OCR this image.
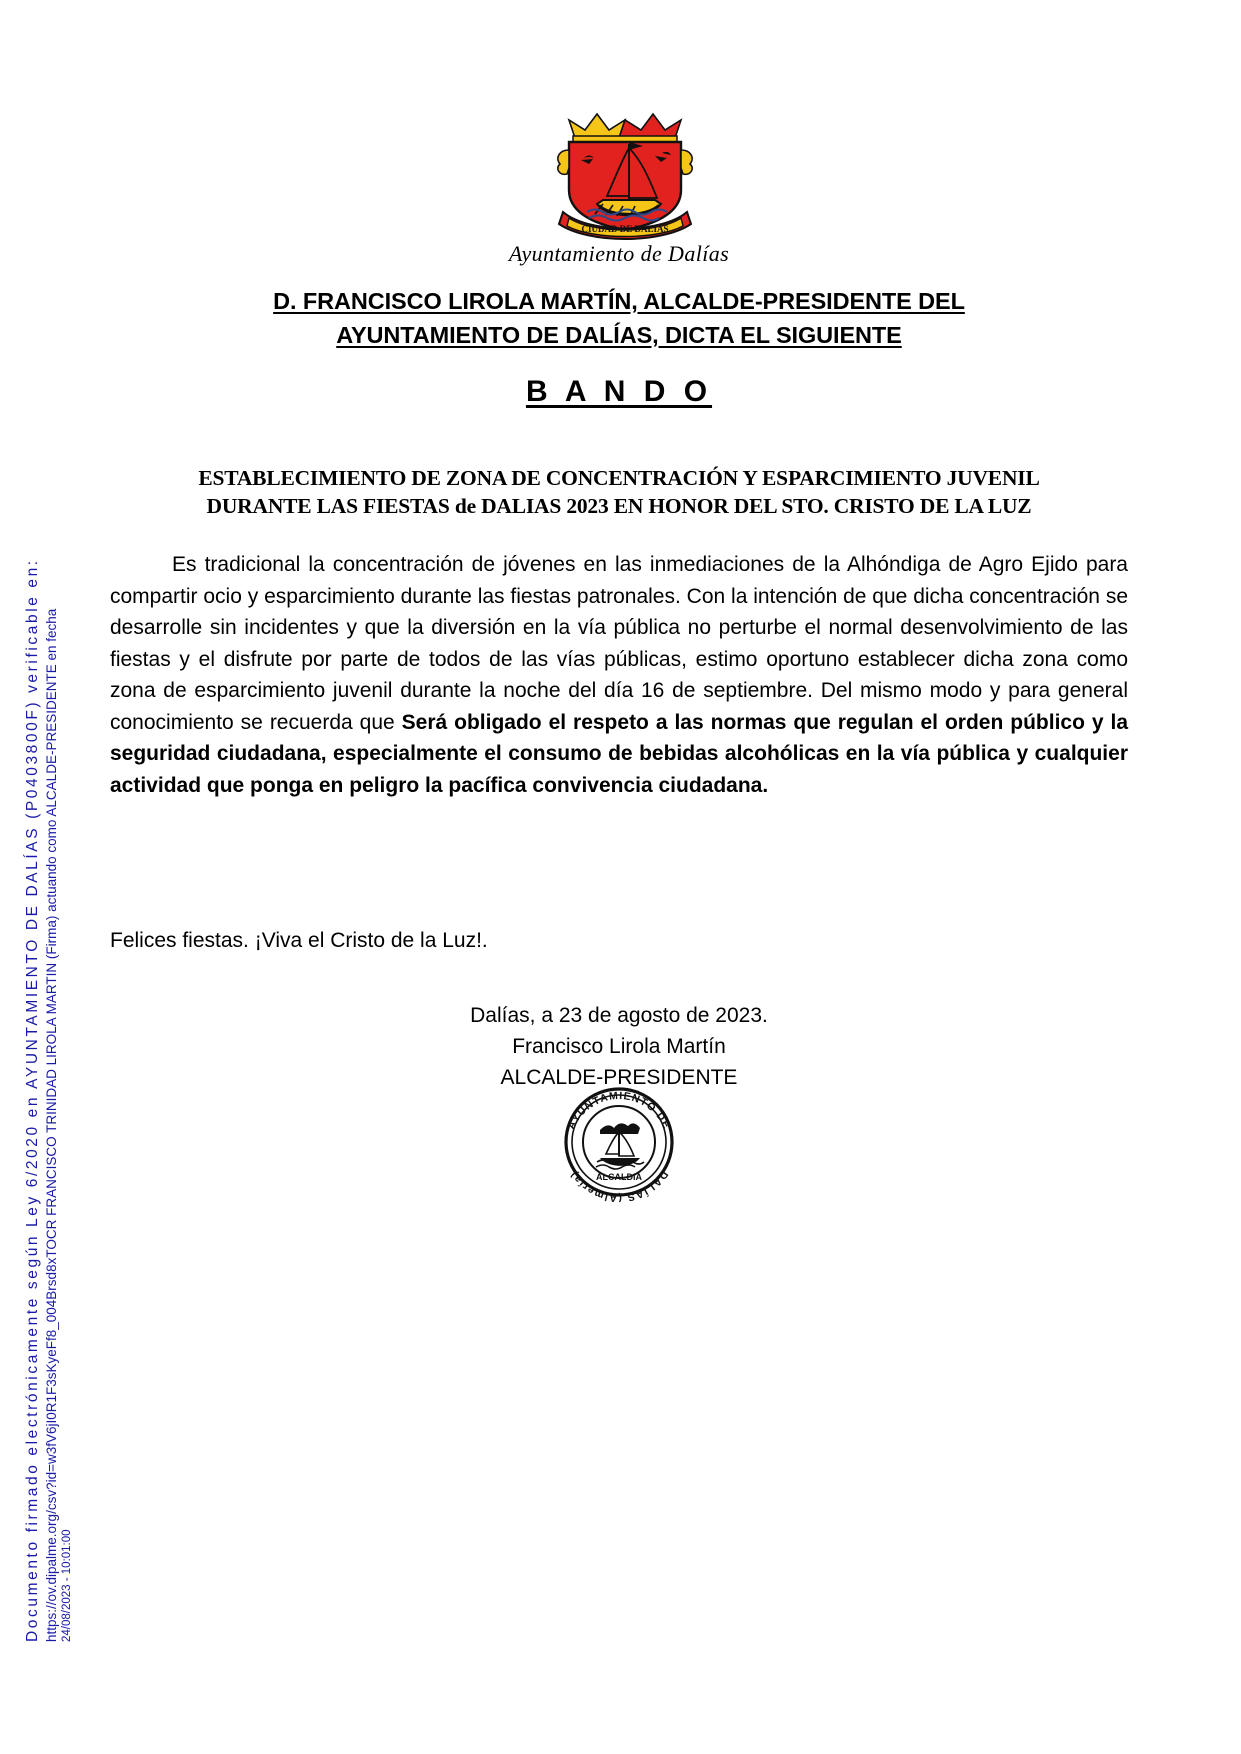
Documento firmado electrónicamente según Ley 6/2020 en AYUNTAMIENTO DE DALÍAS (P0403800F) verificable en: https://ov.dipalme.org/csv?id=w3fV6jI0R1F3sKyeFf8_004Brsd8xTOCR FRANCISCO TRINIDAD LIROLA MARTIN (Firma) actuando como ALCALDE-PRESIDENTE en fecha 24/08/2023 - 10:01:00
CIUDAD DE DALIAS
Ayuntamiento de Dalías
D. FRANCISCO LIROLA MARTÍN, ALCALDE-PRESIDENTE DEL
AYUNTAMIENTO DE DALÍAS, DICTA EL SIGUIENTE
B A N D O
ESTABLECIMIENTO DE ZONA DE CONCENTRACIÓN Y ESPARCIMIENTO JUVENIL
DURANTE LAS FIESTAS de DALIAS 2023 EN HONOR DEL STO. CRISTO DE LA LUZ

Es tradicional la concentración de jóvenes en las inmediaciones de la Alhóndiga de Agro Ejido para compartir ocio y esparcimiento durante las fiestas patronales. Con la intención de que dicha concentración se desarrolle sin incidentes y que la diversión en la vía pública no perturbe el normal desenvolvimiento de las fiestas y el disfrute por parte de todos de las vías públicas, estimo oportuno establecer dicha zona como zona de esparcimiento juvenil durante la noche del día 16 de septiembre. Del mismo modo y para general conocimiento se recuerda que Será obligado el respeto a las normas que regulan el orden público y la seguridad ciudadana, especialmente el consumo de bebidas alcohólicas en la vía pública y cualquier actividad que ponga en peligro la pacífica convivencia ciudadana.

Felices fiestas. ¡Viva el Cristo de la Luz!.
Dalías, a 23 de agosto de 2023.
Francisco Lirola Martín
ALCALDE-PRESIDENTE
AYUNTAMIENTO DE
DALÍAS (Almería)	ALCALDIA
